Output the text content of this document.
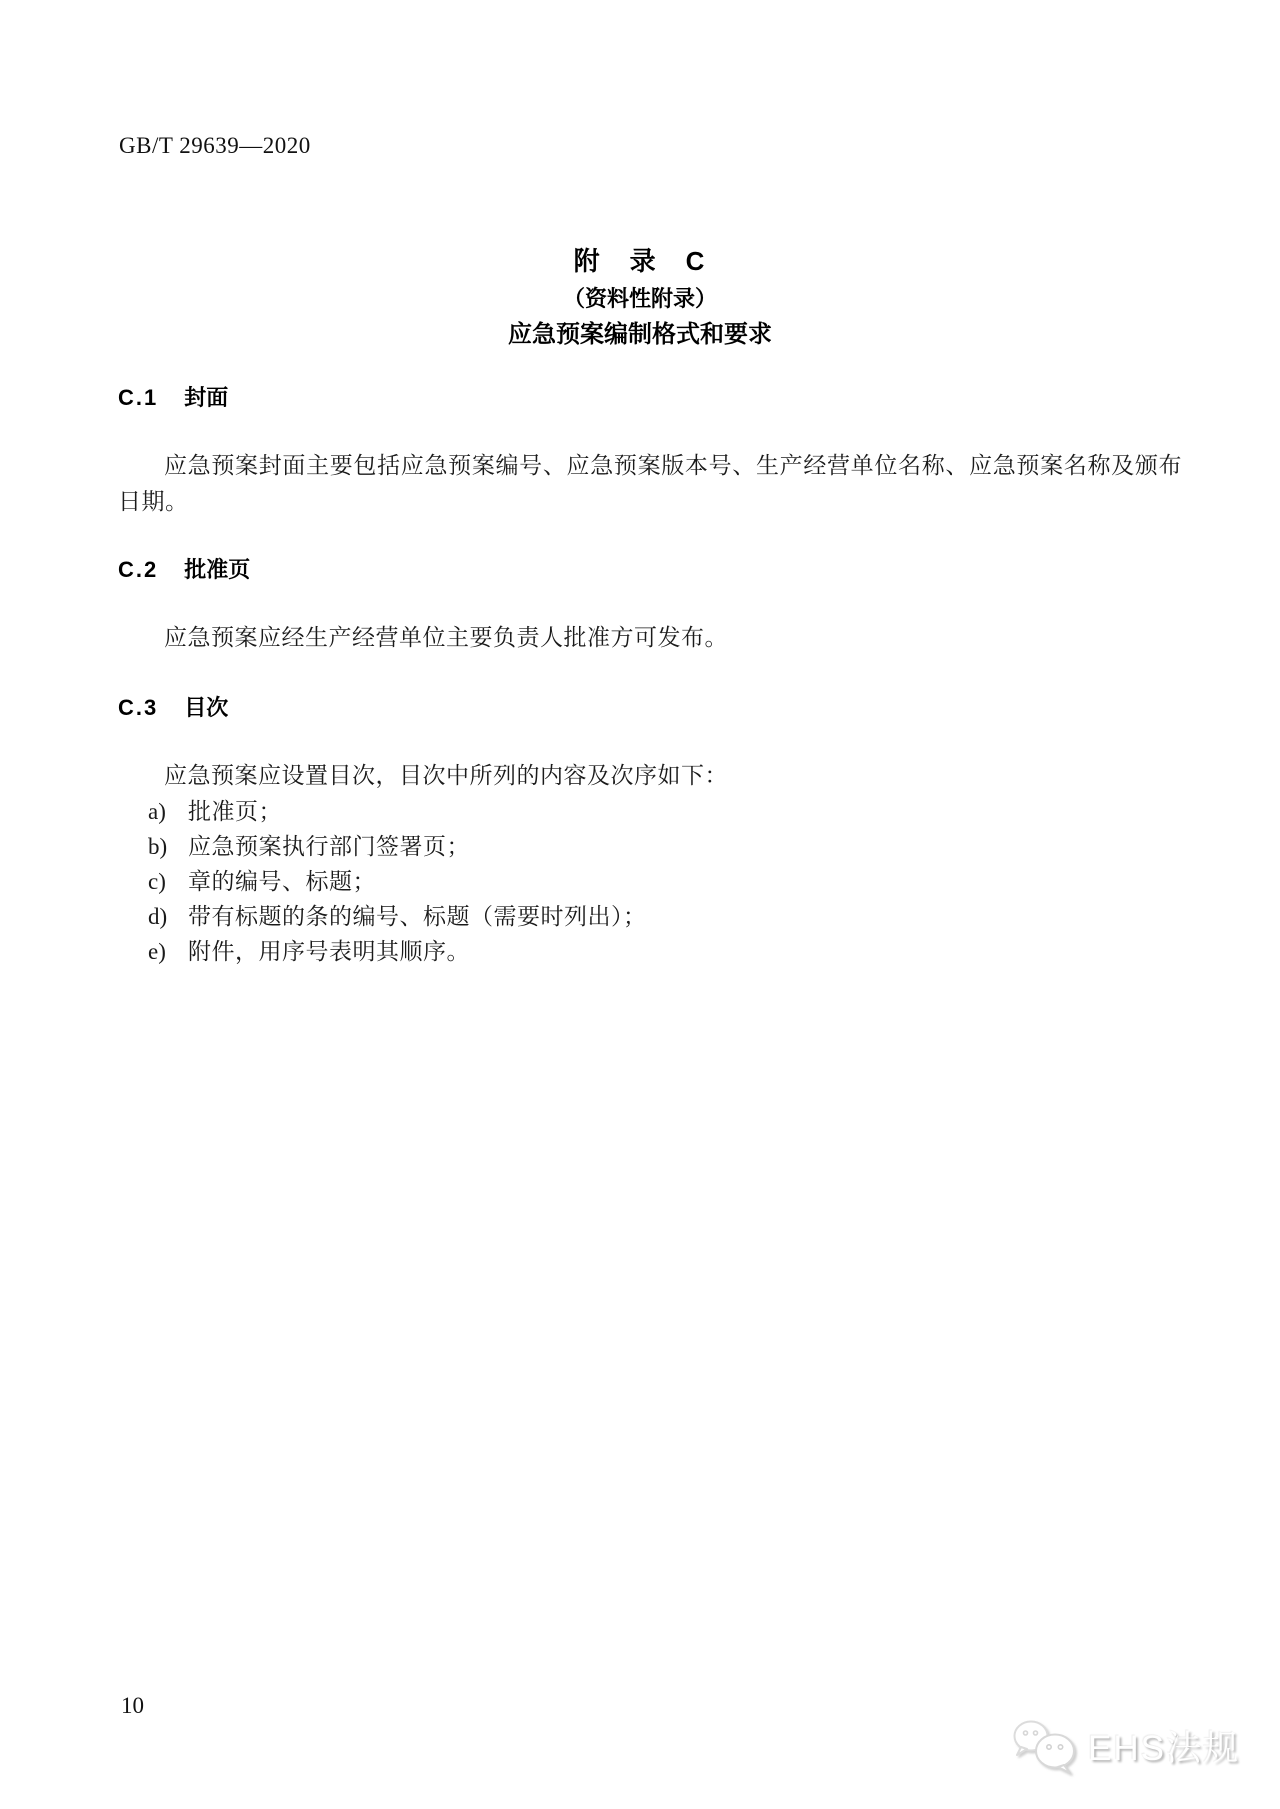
GB/T 29639—2020
附　录　C
（资料性附录）
应急预案编制格式和要求
C.1 封面

应急预案封面主要包括应急预案编号、应急预案版本号、生产经营单位名称、应急预案名称及颁布日期。

C.2 批准页

应急预案应经生产经营单位主要负责人批准方可发布。

C.3 目次

应急预案应设置目次，目次中所列的内容及次序如下：

a) 批准页；
b) 应急预案执行部门签署页；
c) 章的编号、标题；
d) 带有标题的条的编号、标题（需要时列出）；
e) 附件，用序号表明其顺序。
10
EHS法规
